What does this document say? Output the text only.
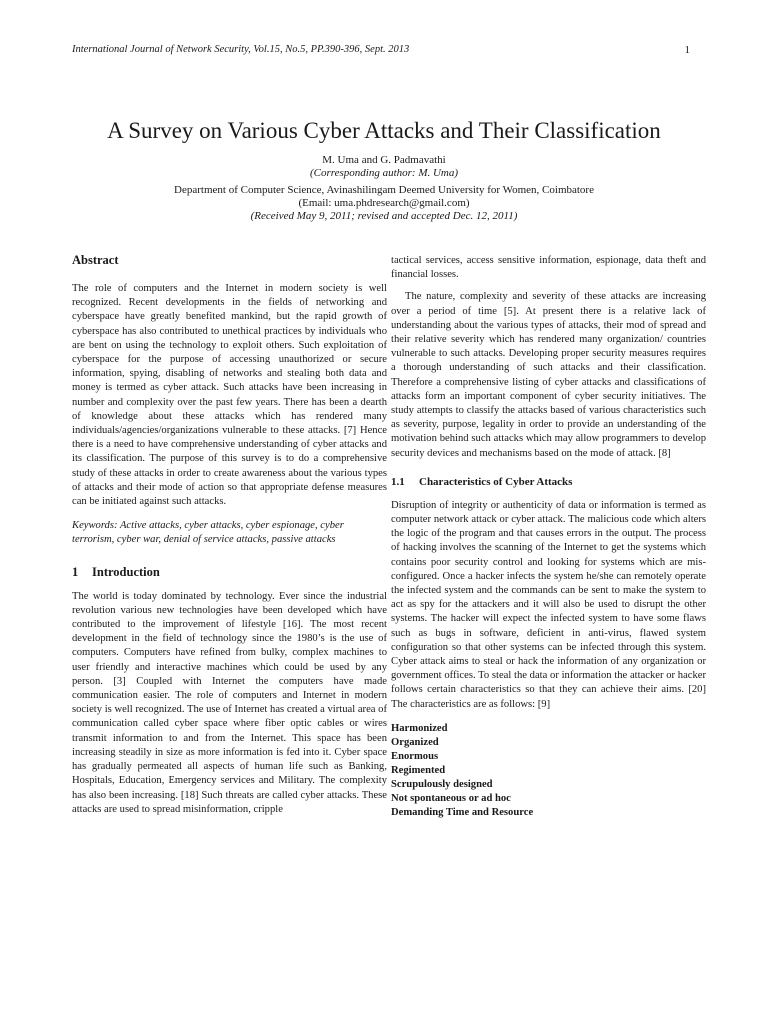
International Journal of Network Security, Vol.15, No.5, PP.390-396, Sept. 2013	1
A Survey on Various Cyber Attacks and Their Classification
M. Uma and G. Padmavathi
(Corresponding author: M. Uma)
Department of Computer Science, Avinashilingam Deemed University for Women, Coimbatore
(Email: uma.phdresearch@gmail.com)
(Received May 9, 2011; revised and accepted Dec. 12, 2011)
Abstract

The role of computers and the Internet in modern society is well recognized. Recent developments in the fields of networking and cyberspace have greatly benefited mankind, but the rapid growth of cyberspace has also contributed to unethical practices by individuals who are bent on using the technology to exploit others. Such exploitation of cyberspace for the purpose of accessing unauthorized or secure information, spying, disabling of networks and stealing both data and money is termed as cyber attack. Such attacks have been increasing in number and complexity over the past few years. There has been a dearth of knowledge about these attacks which has rendered many individuals/agencies/organizations vulnerable to these attacks. [7] Hence there is a need to have comprehensive understanding of cyber attacks and its classification. The purpose of this survey is to do a comprehensive study of these attacks in order to create awareness about the various types of attacks and their mode of action so that appropriate defense measures can be initiated against such attacks.

Keywords: Active attacks, cyber attacks, cyber espionage, cyber terrorism, cyber war, denial of service attacks, passive attacks

1 Introduction

The world is today dominated by technology. Ever since the industrial revolution various new technologies have been developed which have contributed to the improvement of lifestyle [16]. The most recent development in the field of technology since the 1980’s is the use of computers. Computers have refined from bulky, complex machines to user friendly and interactive machines which could be used by any person. [3] Coupled with Internet the computers have made communication easier. The role of computers and Internet in modern society is well recognized. The use of Internet has created a virtual area of communication called cyber space where fiber optic cables or wires transmit information to and from the Internet. This space has been increasing steadily in size as more information is fed into it. Cyber space has gradually permeated all aspects of human life such as Banking, Hospitals, Education, Emergency services and Military. The complexity has also been increasing. [18] Such threats are called cyber attacks. These attacks are used to spread misinformation, cripple

tactical services, access sensitive information, espionage, data theft and financial losses.

The nature, complexity and severity of these attacks are increasing over a period of time [5]. At present there is a relative lack of understanding about the various types of attacks, their mod of spread and their relative severity which has rendered many organization/ countries vulnerable to such attacks. Developing proper security measures requires a thorough understanding of such attacks and their classification. Therefore a comprehensive listing of cyber attacks and classifications of attacks form an important component of cyber security initiatives. The study attempts to classify the attacks based of various characteristics such as severity, purpose, legality in order to provide an understanding of the motivation behind such attacks which may allow programmers to develop security devices and mechanisms based on the mode of attack. [8]

1.1 Characteristics of Cyber Attacks

Disruption of integrity or authenticity of data or information is termed as computer network attack or cyber attack. The malicious code which alters the logic of the program and that causes errors in the output. The process of hacking involves the scanning of the Internet to get the systems which contains poor security control and looking for systems which are mis-configured. Once a hacker infects the system he/she can remotely operate the infected system and the commands can be sent to make the system to act as spy for the attackers and it will also be used to disrupt the other systems. The hacker will expect the infected system to have some flaws such as bugs in software, deficient in anti-virus, flawed system configuration so that other systems can be infected through this system. Cyber attack aims to steal or hack the information of any organization or government offices. To steal the data or information the attacker or hacker follows certain characteristics so that they can achieve their aims. [20] The characteristics are as follows: [9]

Harmonized
Organized
Enormous
Regimented
Scrupulously designed
Not spontaneous or ad hoc
Demanding Time and Resource
